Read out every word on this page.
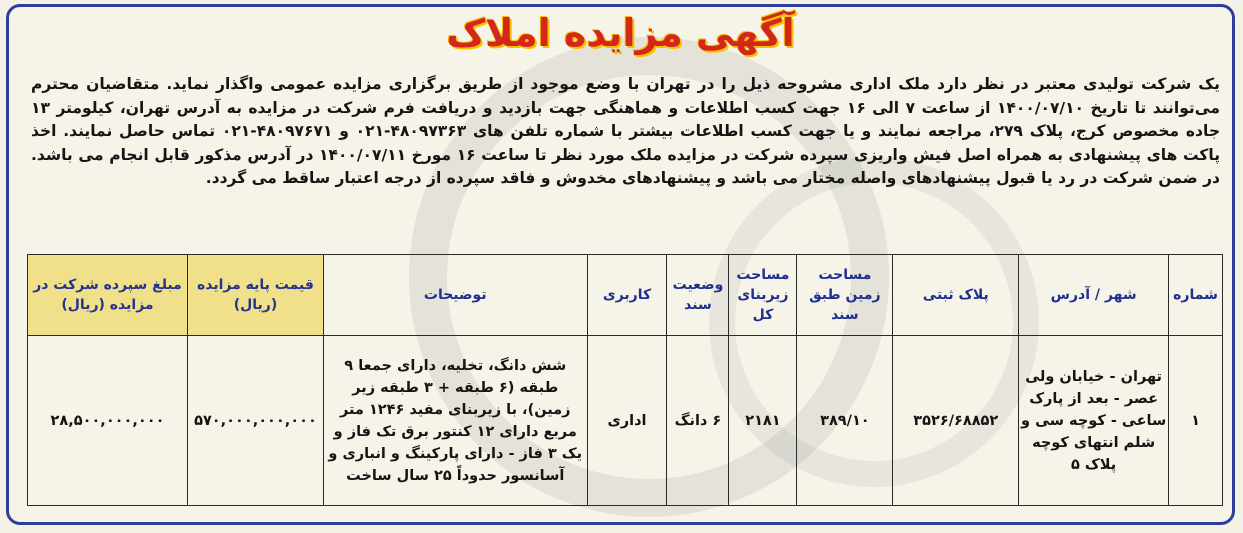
آگهی مزایده املاک

یک شرکت تولیدی معتبر در نظر دارد ملک اداری مشروحه ذیل را در تهران با وضع موجود از طریق برگزاری مزایده عمومی واگذار نماید. متقاضیان محترم می‌توانند تا تاریخ ۱۴۰۰/۰۷/۱۰ از ساعت ۷ الی ۱۶ جهت کسب اطلاعات و هماهنگی جهت بازدید و دریافت فرم شرکت در مزایده به آدرس تهران، کیلومتر ۱۳ جاده مخصوص کرج، پلاک ۲۷۹، مراجعه نمایند و یا جهت کسب اطلاعات بیشتر با شماره تلفن های ۴۸۰۹۷۳۶۳-۰۲۱ و ۴۸۰۹۷۶۷۱-۰۲۱ تماس حاصل نمایند. اخذ پاکت های پیشنهادی به همراه اصل فیش واریزی سپرده شرکت در مزایده ملک مورد نظر تا ساعت ۱۶ مورخ ۱۴۰۰/۰۷/۱۱ در آدرس مذکور قابل انجام می باشد. در ضمن شرکت در رد یا قبول پیشنهادهای واصله مختار می باشد و پیشنهادهای مخدوش و فاقد سپرده از درجه اعتبار ساقط می گردد.

شماره	شهر / آدرس	پلاک ثبتی	مساحت زمین طبق سند	مساحت زیربنای کل	وضعیت سند	کاربری	توضیحات	قیمت پایه مزایده (ریال)	مبلغ سپرده شرکت در مزایده (ریال)
۱	تهران - خیابان ولی عصر - بعد از پارک ساعی - کوچه سی و شلم انتهای کوچه پلاک ۵	۳۵۲۶/۶۸۸۵۲	۳۸۹/۱۰	۲۱۸۱	۶ دانگ	اداری	شش دانگ، تخلیه، دارای جمعا ۹ طبقه (۶ طبقه + ۳ طبقه زیر زمین)، با زیربنای مفید ۱۲۴۶ متر مربع دارای ۱۲ کنتور برق تک فاز و یک ۳ فاز - دارای پارکینگ و انباری و آسانسور حدوداً ۲۵ سال ساخت	۵۷۰,۰۰۰,۰۰۰,۰۰۰	۲۸,۵۰۰,۰۰۰,۰۰۰
